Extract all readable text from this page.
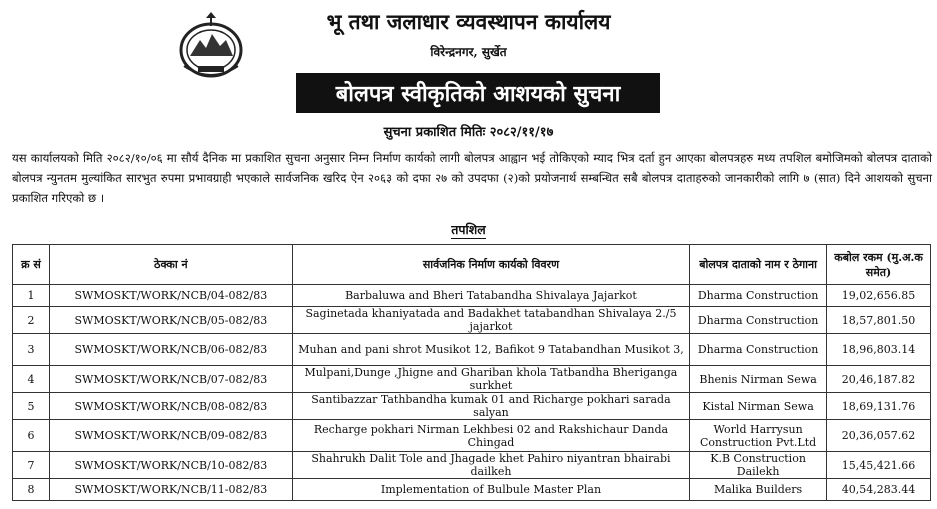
भू तथा जलाधार व्यवस्थापन कार्यालय
विरेन्द्रनगर, सुर्खेत
बोलपत्र स्वीकृतिको आशयको सुचना
सुचना प्रकाशित मितिः २०८२/११/१७
यस कार्यालयको मिति २०८२/१०/०६ मा सौर्य दैनिक मा प्रकाशित सुचना अनुसार निम्न निर्माण कार्यको लागी बोलपत्र आह्वान भई तोकिएको म्याद भित्र दर्ता हुन आएका बोलपत्रहरु मध्य तपशिल बमोजिमको बोलपत्र दाताको बोलपत्र न्युनतम मुल्यांकित सारभुत रुपमा प्रभावग्राही भएकाले सार्वजनिक खरिद ऐन २०६३ को दफा २७ को उपदफा (२)को प्रयोजनार्थ सम्बन्धित सबै बोलपत्र दाताहरुको जानकारीको लागि ७ (सात) दिने आशयको सुचना प्रकाशित गरिएको छ ।
तपशिल
क्र सं	ठेक्का नं	सार्वजनिक निर्माण कार्यको विवरण	बोलपत्र दाताको नाम र ठेगाना	कबोल रकम (मु.अ.क समेत)
1	SWMOSKT/WORK/NCB/04-082/83	Barbaluwa and Bheri Tatabandha Shivalaya Jajarkot	Dharma Construction	19,02,656.85
2	SWMOSKT/WORK/NCB/05-082/83	Saginetada khaniyatada and Badakhet tatabandhan Shivalaya 2./5 jajarkot	Dharma Construction	18,57,801.50
3	SWMOSKT/WORK/NCB/06-082/83	Muhan and pani shrot Musikot 12, Bafikot 9 Tatabandhan Musikot 3,	Dharma Construction	18,96,803.14
4	SWMOSKT/WORK/NCB/07-082/83	Mulpani,Dunge ,Jhigne and Ghariban khola Tatbandha Bheriganga surkhet	Bhenis Nirman Sewa	20,46,187.82
5	SWMOSKT/WORK/NCB/08-082/83	Santibazzar Tathbandha kumak 01 and Richarge pokhari sarada salyan	Kistal Nirman Sewa	18,69,131.76
6	SWMOSKT/WORK/NCB/09-082/83	Recharge pokhari Nirman Lekhbesi 02 and Rakshichaur Danda Chingad	World Harrysun Construction Pvt.Ltd	20,36,057.62
7	SWMOSKT/WORK/NCB/10-082/83	Shahrukh Dalit Tole and Jhagade khet Pahiro niyantran bhairabi dailkeh	K.B Construction Dailekh	15,45,421.66
8	SWMOSKT/WORK/NCB/11-082/83	Implementation of Bulbule Master Plan	Malika Builders	40,54,283.44
